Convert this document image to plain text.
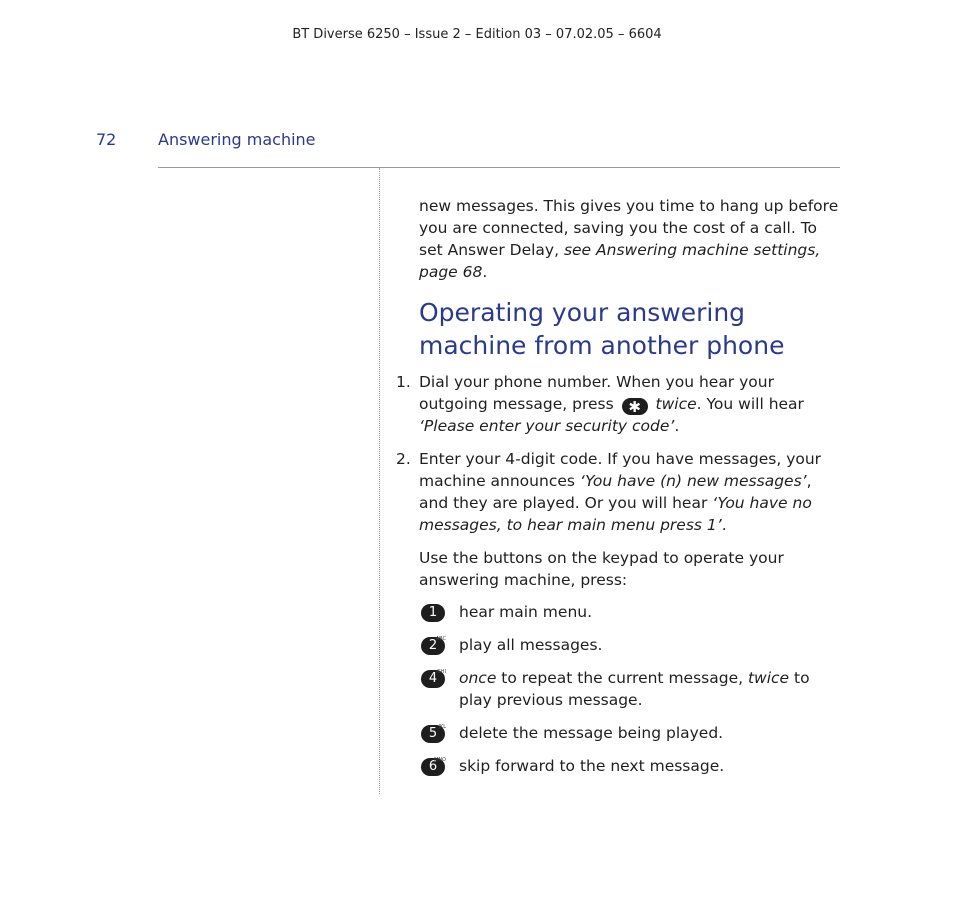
BT Diverse 6250 – Issue 2 – Edition 03 – 07.02.05 – 6604
72	Answering machine

new messages. This gives you time to hang up before you are connected, saving you the cost of a call. To set Answer Delay, see Answering machine settings, page 68.

Operating your answering machine from another phone
1. Dial your phone number. When you hear your outgoing message, press ✱ twice. You will hear ‘Please enter your security code’.
2. Enter your 4-digit code. If you have messages, your machine announces ‘You have (n) new messages’, and they are played. Or you will hear ‘You have no messages, to hear main menu press 1’.

Use the buttons on the keypad to operate your answering machine, press:

1	hear main menu.
2
ABC play all messages.
4 GHI once to repeat the current message, twice to play previous message.
5 JKL delete the message being played.
6
MNO skip forward to the next message.
